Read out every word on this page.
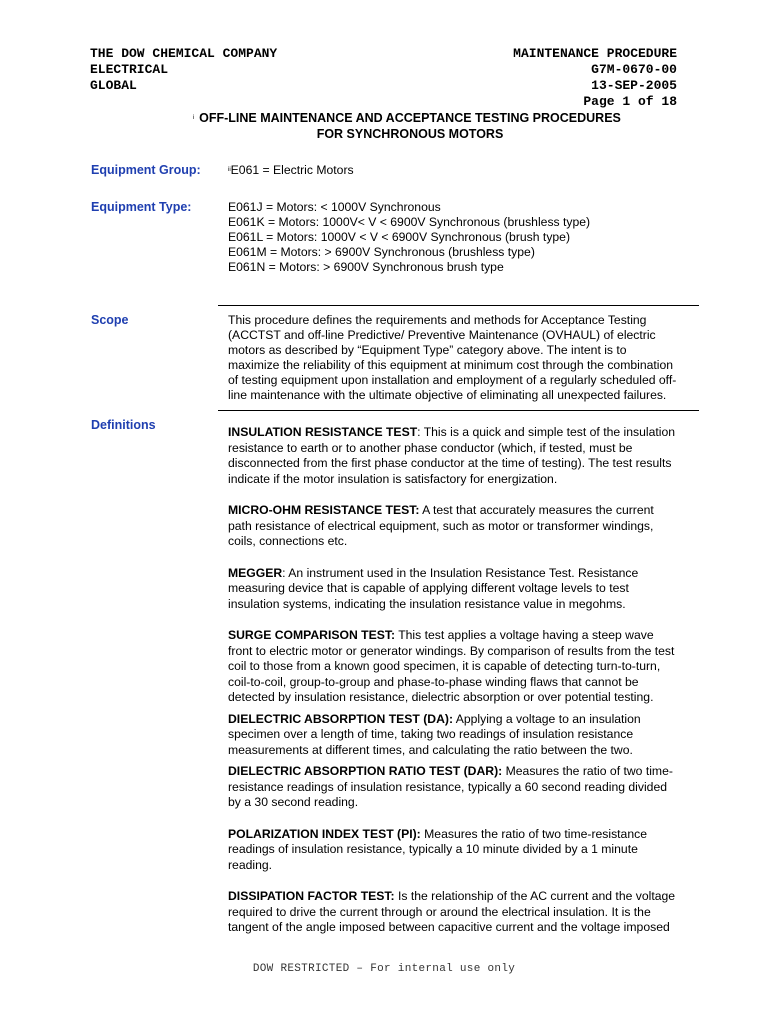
THE DOW CHEMICAL COMPANY
ELECTRICAL
GLOBAL
MAINTENANCE PROCEDURE
G7M-0670-00
13-SEP-2005
Page 1 of 18
i OFF-LINE MAINTENANCE AND ACCEPTANCE TESTING PROCEDURES
FOR SYNCHRONOUS MOTORS
Equipment Group:	$^{ii}$E061 = Electric Motors
Equipment Type:	E061J = Motors: < 1000V Synchronous
E061K = Motors: 1000V< V < 6900V Synchronous (brushless type)
E061L = Motors: 1000V < V < 6900V Synchronous (brush type)
E061M = Motors: > 6900V Synchronous (brushless type)
E061N = Motors: > 6900V Synchronous brush type
Scope	This procedure defines the requirements and methods for Acceptance Testing
(ACCTST and off-line Predictive/ Preventive Maintenance (OVHAUL) of electric
motors as described by “Equipment Type” category above. The intent is to
maximize the reliability of this equipment at minimum cost through the combination
of testing equipment upon installation and employment of a regularly scheduled off-
line maintenance with the ultimate objective of eliminating all unexpected failures.
Definitions	INSULATION RESISTANCE TEST: This is a quick and simple test of the insulation
resistance to earth or to another phase conductor (which, if tested, must be
disconnected from the first phase conductor at the time of testing). The test results
indicate if the motor insulation is satisfactory for energization.
MICRO-OHM RESISTANCE TEST: A test that accurately measures the current
path resistance of electrical equipment, such as motor or transformer windings,
coils, connections etc.
MEGGER: An instrument used in the Insulation Resistance Test. Resistance
measuring device that is capable of applying different voltage levels to test
insulation systems, indicating the insulation resistance value in megohms.
SURGE COMPARISON TEST: This test applies a voltage having a steep wave
front to electric motor or generator windings. By comparison of results from the test
coil to those from a known good specimen, it is capable of detecting turn-to-turn,
coil-to-coil, group-to-group and phase-to-phase winding flaws that cannot be
detected by insulation resistance, dielectric absorption or over potential testing.
DIELECTRIC ABSORPTION TEST (DA): Applying a voltage to an insulation
specimen over a length of time, taking two readings of insulation resistance
measurements at different times, and calculating the ratio between the two.
DIELECTRIC ABSORPTION RATIO TEST (DAR): Measures the ratio of two time-
resistance readings of insulation resistance, typically a 60 second reading divided
by a 30 second reading.
POLARIZATION INDEX TEST (PI): Measures the ratio of two time-resistance
readings of insulation resistance, typically a 10 minute divided by a 1 minute
reading.
DISSIPATION FACTOR TEST: Is the relationship of the AC current and the voltage
required to drive the current through or around the electrical insulation. It is the
tangent of the angle imposed between capacitive current and the voltage imposed
DOW RESTRICTED – For internal use only
